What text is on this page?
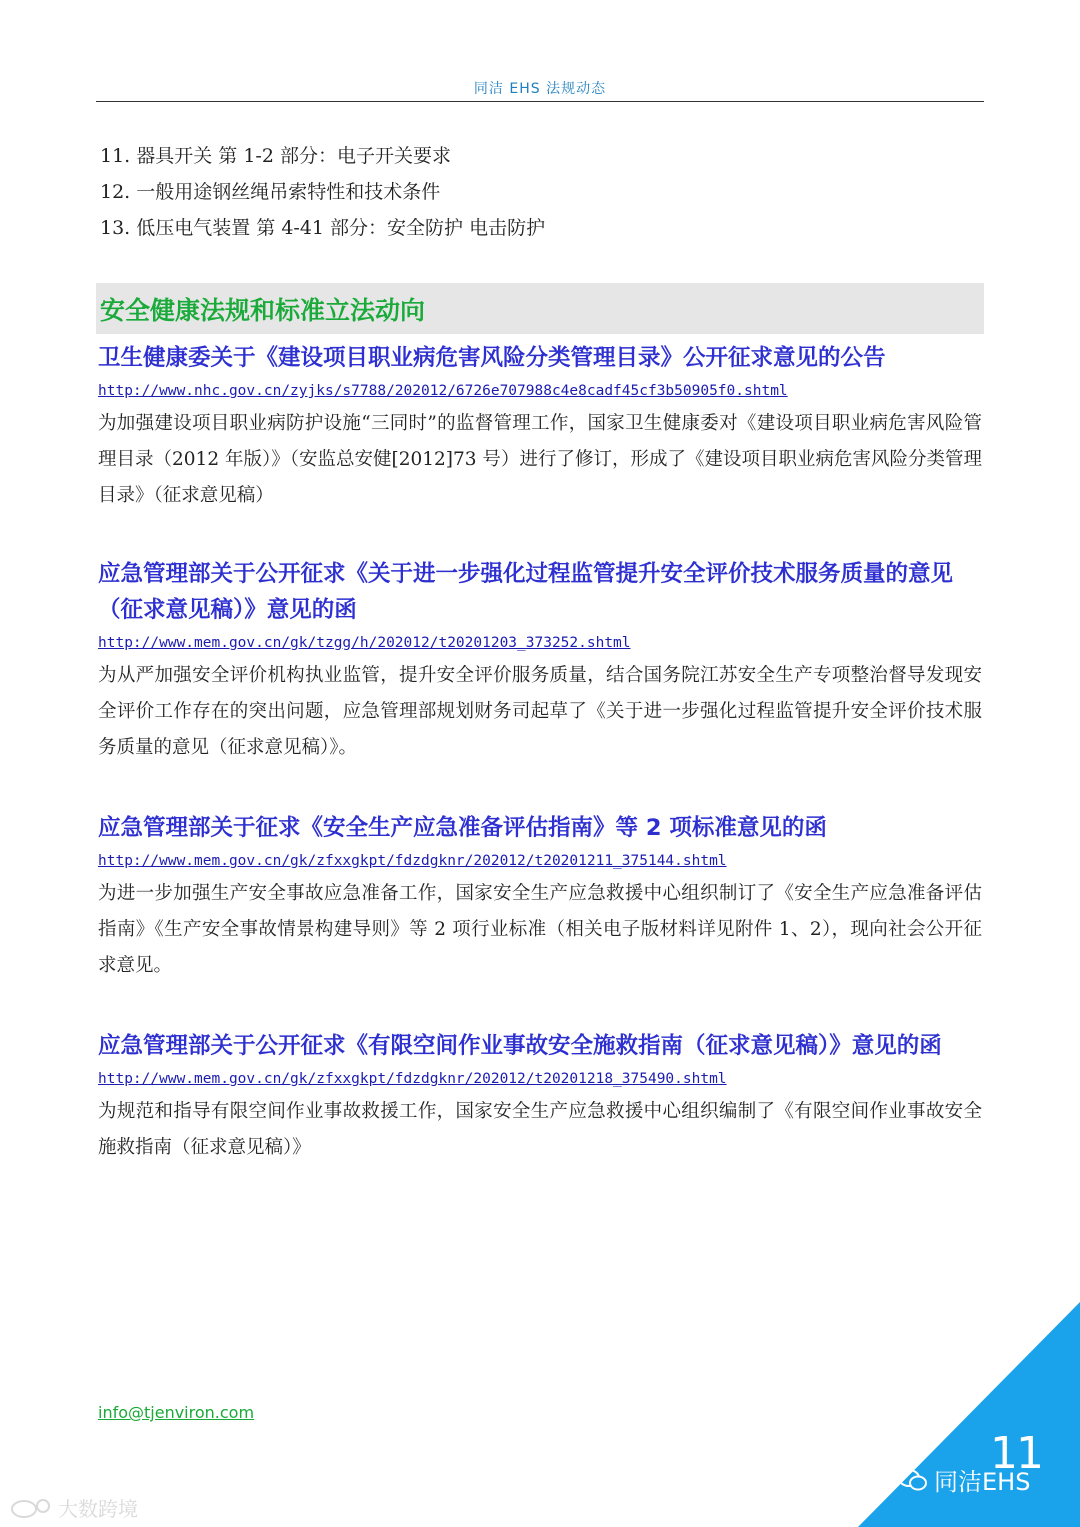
同洁 EHS 法规动态
11. 器具开关 第 1-2 部分：电子开关要求
12. 一般用途钢丝绳吊索特性和技术条件
13. 低压电气装置 第 4-41 部分：安全防护 电击防护
安全健康法规和标准立法动向
卫生健康委关于《建设项目职业病危害风险分类管理目录》公开征求意见的公告
http://www.nhc.gov.cn/zyjks/s7788/202012/6726e707988c4e8cadf45cf3b50905f0.shtml
为加强建设项目职业病防护设施“三同时”的监督管理工作，国家卫生健康委对《建设项目职业病危害风险管理目录（2012 年版）》（安监总安健[2012]73 号）进行了修订，形成了《建设项目职业病危害风险分类管理目录》（征求意见稿）
应急管理部关于公开征求《关于进一步强化过程监管提升安全评价技术服务质量的意见（征求意见稿）》意见的函
http://www.mem.gov.cn/gk/tzgg/h/202012/t20201203_373252.shtml
为从严加强安全评价机构执业监管，提升安全评价服务质量，结合国务院江苏安全生产专项整治督导发现安全评价工作存在的突出问题，应急管理部规划财务司起草了《关于进一步强化过程监管提升安全评价技术服务质量的意见（征求意见稿）》。
应急管理部关于征求《安全生产应急准备评估指南》等 2 项标准意见的函
http://www.mem.gov.cn/gk/zfxxgkpt/fdzdgknr/202012/t20201211_375144.shtml
为进一步加强生产安全事故应急准备工作，国家安全生产应急救援中心组织制订了《安全生产应急准备评估指南》《生产安全事故情景构建导则》等 2 项行业标准（相关电子版材料详见附件 1、2），现向社会公开征求意见。
应急管理部关于公开征求《有限空间作业事故安全施救指南（征求意见稿）》意见的函
http://www.mem.gov.cn/gk/zfxxgkpt/fdzdgknr/202012/t20201218_375490.shtml
为规范和指导有限空间作业事故救援工作，国家安全生产应急救援中心组织编制了《有限空间作业事故安全施救指南（征求意见稿）》
info@tjenviron.com
11
同洁EHS
大数跨境
